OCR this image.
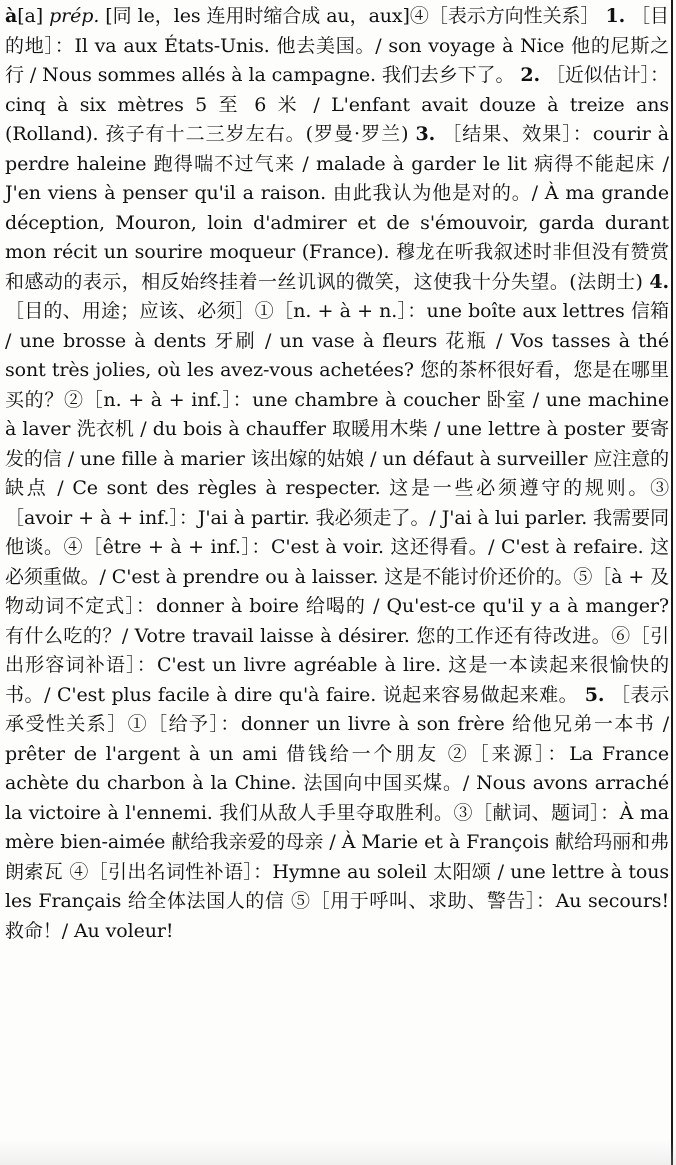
à[a] prép. [同 le，les 连用时缩合成 au，aux]④［表示方向性关系］ 1. ［目的地］：Il va aux États-Unis. 他去美国。/ son voyage à Nice 他的尼斯之行 / Nous sommes allés à la campagne. 我们去乡下了。 2. ［近似估计］：cinq à six mètres 5 至 6 米 / L'enfant avait douze à treize ans (Rolland). 孩子有十二三岁左右。(罗曼·罗兰) 3. ［结果、效果］：courir à perdre haleine 跑得喘不过气来 / malade à garder le lit 病得不能起床 / J'en viens à penser qu'il a raison. 由此我认为他是对的。/ À ma grande déception, Mouron, loin d'admirer et de s'émouvoir, garda durant mon récit un sourire moqueur (France). 穆龙在听我叙述时非但没有赞赏和感动的表示，相反始终挂着一丝讥讽的微笑，这使我十分失望。(法朗士) 4. ［目的、用途；应该、必须］①［n. + à + n.］：une boîte aux lettres 信箱 / une brosse à dents 牙刷 / un vase à fleurs 花瓶 / Vos tasses à thé sont très jolies, où les avez-vous achetées? 您的茶杯很好看，您是在哪里买的？②［n. + à + inf.］：une chambre à coucher 卧室 / une machine à laver 洗衣机 / du bois à chauffer 取暖用木柴 / une lettre à poster 要寄发的信 / une fille à marier 该出嫁的姑娘 / un défaut à surveiller 应注意的缺点 / Ce sont des règles à respecter. 这是一些必须遵守的规则。③［avoir + à + inf.］：J'ai à partir. 我必须走了。/ J'ai à lui parler. 我需要同他谈。④［être + à + inf.］：C'est à voir. 这还得看。/ C'est à refaire. 这必须重做。/ C'est à prendre ou à laisser. 这是不能讨价还价的。⑤［à + 及物动词不定式］：donner à boire 给喝的 / Qu'est-ce qu'il y a à manger? 有什么吃的？/ Votre travail laisse à désirer. 您的工作还有待改进。⑥［引出形容词补语］：C'est un livre agréable à lire. 这是一本读起来很愉快的书。/ C'est plus facile à dire qu'à faire. 说起来容易做起来难。 5. ［表示承受性关系］①［给予］：donner un livre à son frère 给他兄弟一本书 / prêter de l'argent à un ami 借钱给一个朋友 ②［来源］：La France achète du charbon à la Chine. 法国向中国买煤。/ Nous avons arraché la victoire à l'ennemi. 我们从敌人手里夺取胜利。③［献词、题词］：À ma mère bien-aimée 献给我亲爱的母亲 / À Marie et à François 献给玛丽和弗朗索瓦 ④［引出名词性补语］：Hymne au soleil 太阳颂 / une lettre à tous les Français 给全体法国人的信 ⑤［用于呼叫、求助、警告］：Au secours! 救命！/ Au voleur!
